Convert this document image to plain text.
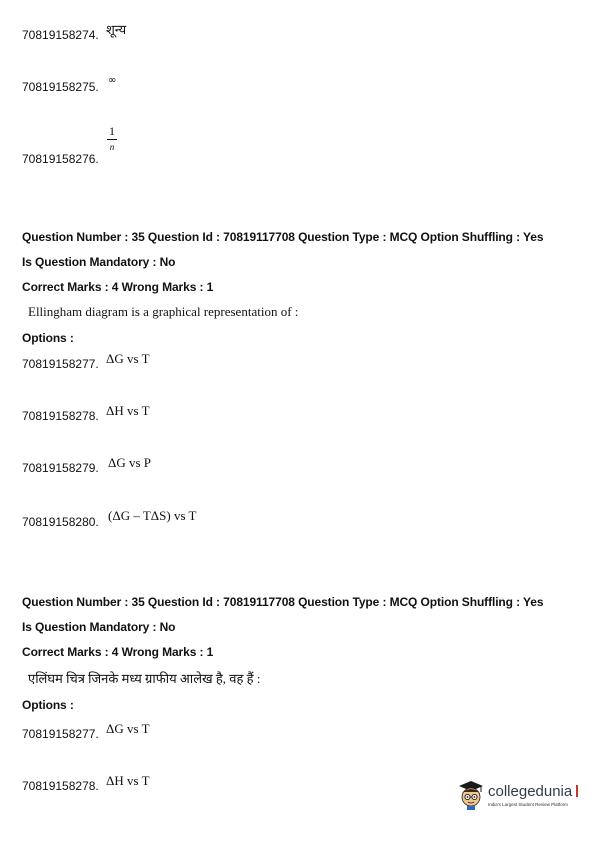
70819158274. शून्य
70819158275. ∞
70819158276.
1
n
Question Number : 35 Question Id : 70819117708 Question Type : MCQ Option Shuffling : Yes
Is Question Mandatory : No
Correct Marks : 4 Wrong Marks : 1
Ellingham diagram is a graphical representation of :
Options :
70819158277. ΔG vs T
70819158278. ΔH vs T
70819158279. ΔG vs P
70819158280. (ΔG – TΔS) vs T
Question Number : 35 Question Id : 70819117708 Question Type : MCQ Option Shuffling : Yes
Is Question Mandatory : No
Correct Marks : 4 Wrong Marks : 1
एलिंघम चित्र जिनके मध्य ग्राफीय आलेख है, वह हैं :
Options :
70819158277. ΔG vs T
70819158278. ΔH vs T
collegedunia
India's Largest Student Review Platform
